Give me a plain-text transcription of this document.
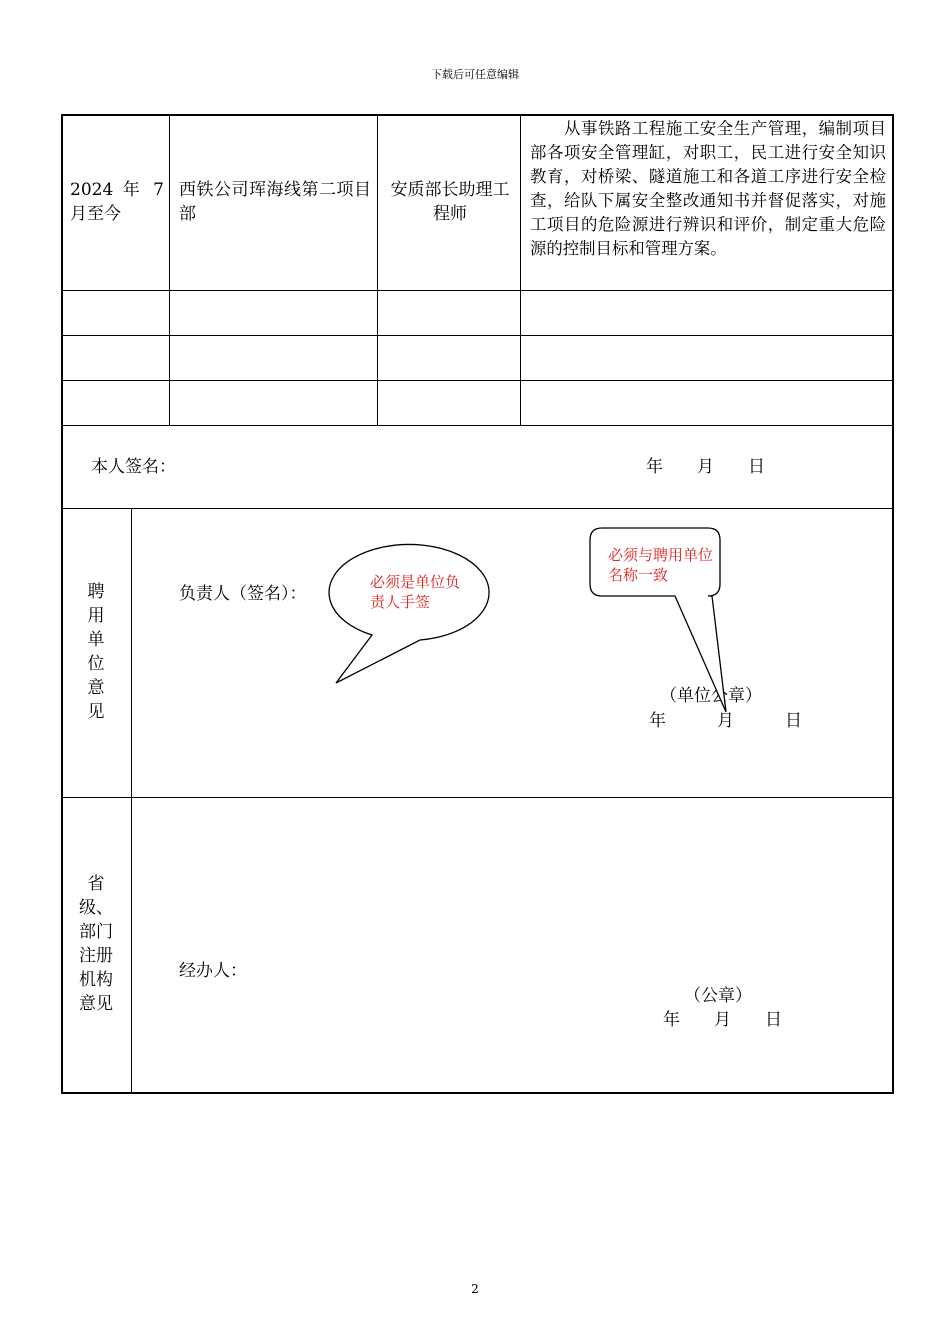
下载后可任意编辑
2024 年 7 月至今
西铁公司珲海线第二项目部
安质部长助理工程师
从事铁路工程施工安全生产管理，编制项目部各项安全管理缸，对职工，民工进行安全知识教育，对桥梁、隧道施工和各道工序进行安全检查，给队下属安全整改通知书并督促落实，对施工项目的危险源进行辨识和评价，制定重大危险源的控制目标和管理方案。
本人签名：	年　　月　　日
聘用单位意见
负责人（签名）：
（单位公章）
年　　　月　　　日
必须是单位负责人手签
必须与聘用单位名称一致
省级、部门注册机构意见
经办人：
（公章）
年　　月　　日
2
